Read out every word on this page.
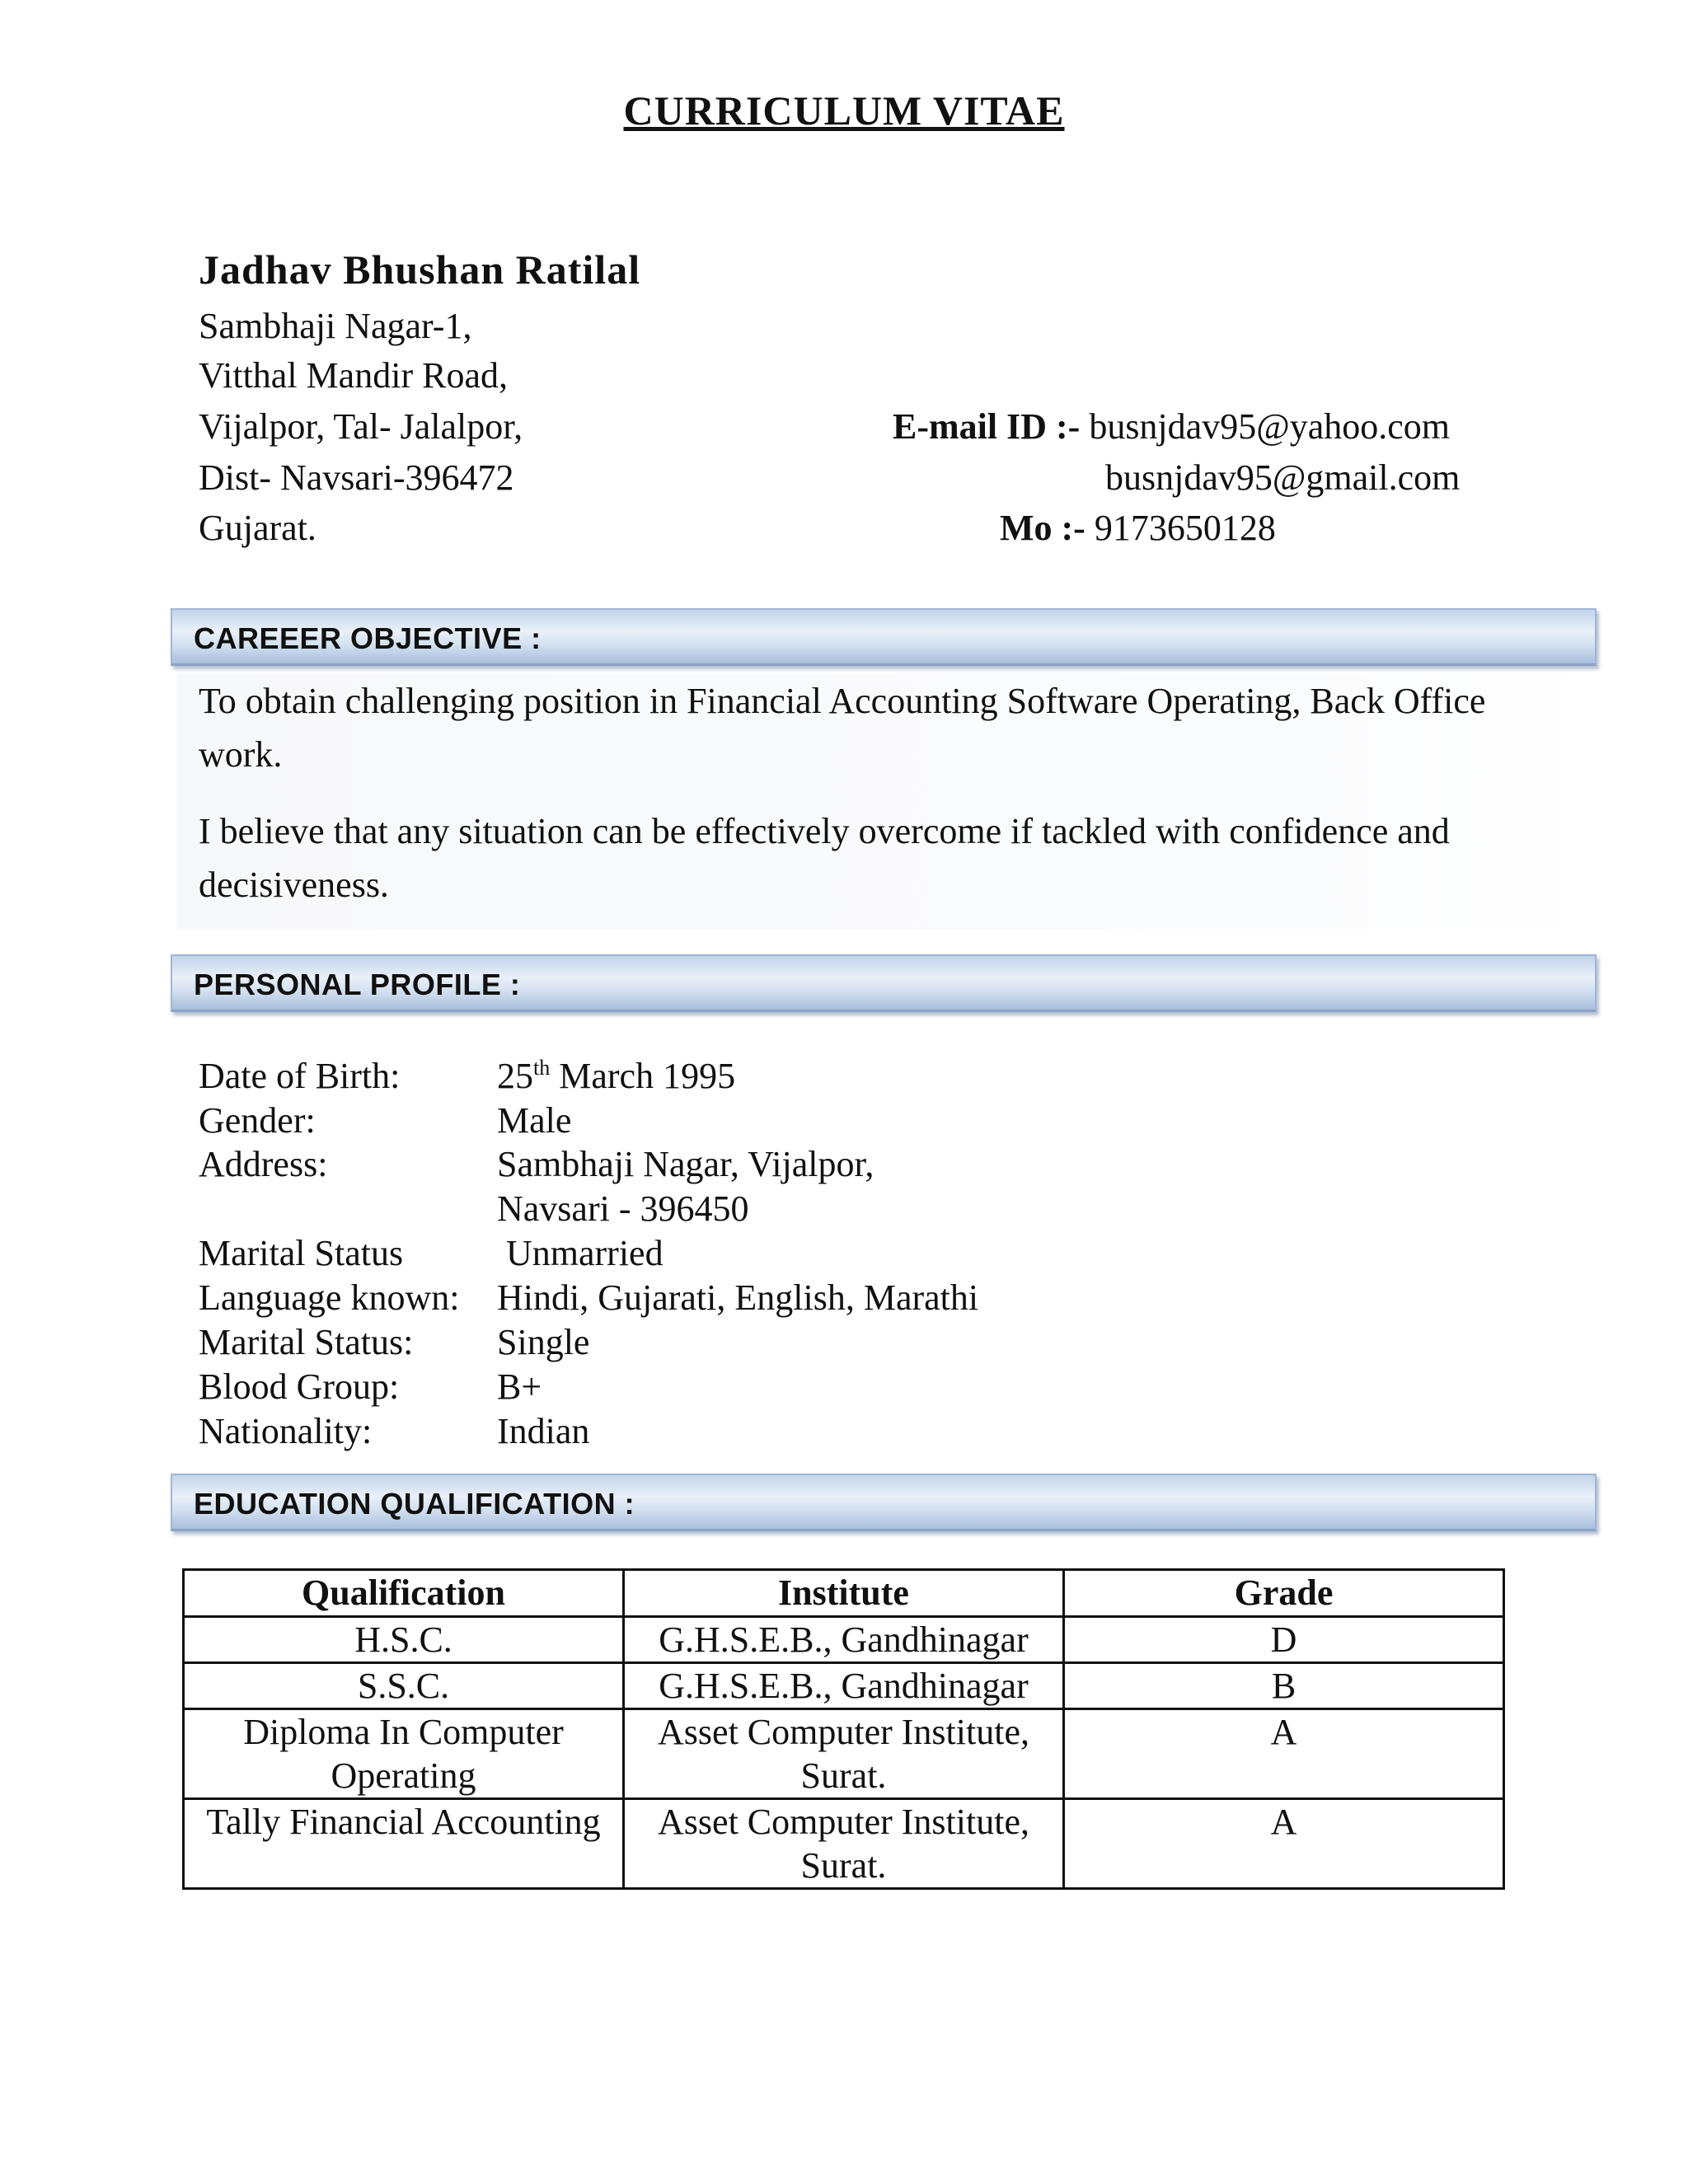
CURRICULUM VITAE
Jadhav Bhushan Ratilal
Sambhaji Nagar-1,
Vitthal Mandir Road,
Vijalpor, Tal- Jalalpor,
Dist- Navsari-396472
Gujarat.
E-mail ID :- busnjdav95@yahoo.com
busnjdav95@gmail.com
Mo :- 9173650128
CAREEER OBJECTIVE :

To obtain challenging position in Financial Accounting Software Operating, Back Office work.

I believe that any situation can be effectively overcome if tackled with confidence and decisiveness.

PERSONAL PROFILE :
Date of Birth:	25th March 1995
Gender:	Male
Address:	Sambhaji Nagar, Vijalpor,
Navsari - 396450
Marital Status	Unmarried
Language known: Hindi, Gujarati, English, Marathi
Marital Status: Single
Blood Group:	B+
Nationality:	Indian
EDUCATION QUALIFICATION :
Qualification	Institute	Grade
H.S.C.	G.H.S.E.B., Gandhinagar	D
S.S.C.	G.H.S.E.B., Gandhinagar	B
Diploma In Computer Operating	Asset Computer Institute, Surat.	A
Tally Financial Accounting	Asset Computer Institute, Surat.	A
